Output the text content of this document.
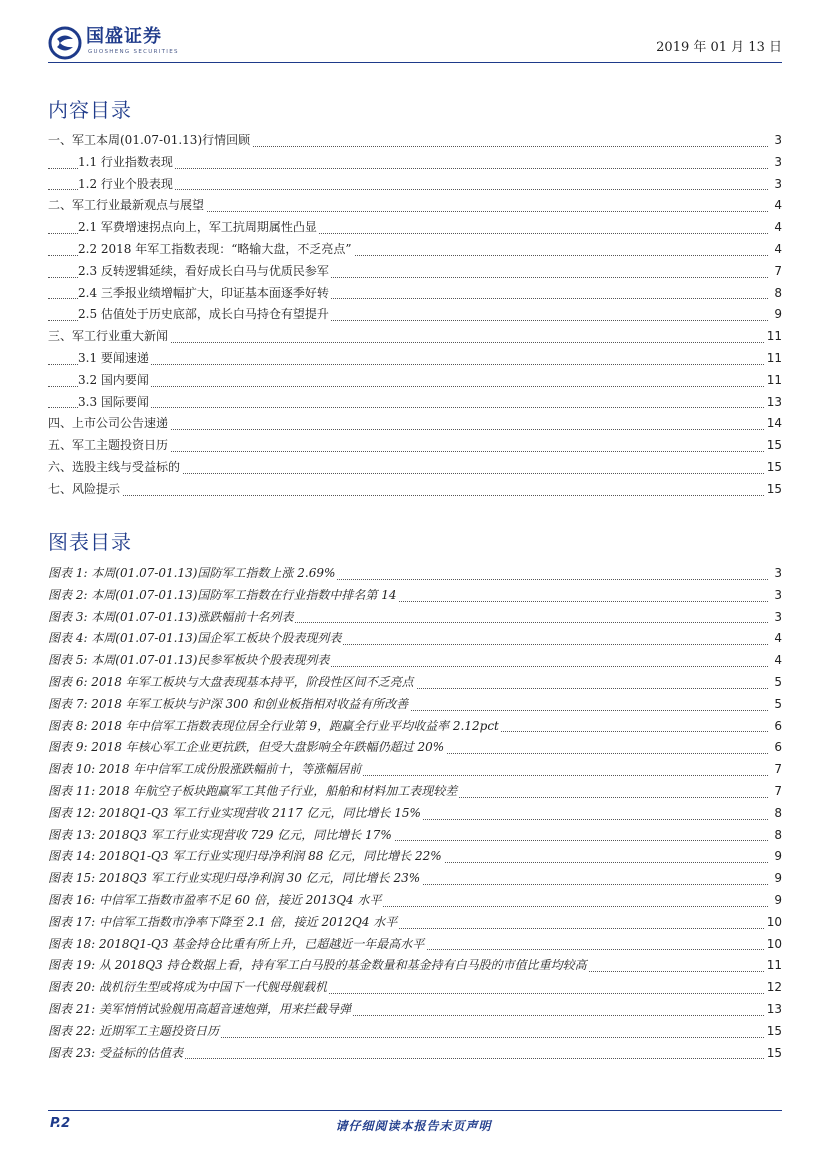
国盛证券
GUOSHENG SECURITIES	2019 年 01 月 13 日
内容目录
一、军工本周(01.07-01.13)行情回顾	3
1.1 行业指数表现	3
1.2 行业个股表现	3
二、军工行业最新观点与展望	4
2.1 军费增速拐点向上，军工抗周期属性凸显	4
2.2 2018 年军工指数表现：“略输大盘，不乏亮点”	4
2.3 反转逻辑延续，看好成长白马与优质民参军	7
2.4 三季报业绩增幅扩大，印证基本面逐季好转	8
2.5 估值处于历史底部，成长白马持仓有望提升	9
三、军工行业重大新闻	11
3.1 要闻速递	11
3.2 国内要闻	11
3.3 国际要闻	13
四、上市公司公告速递	14
五、军工主题投资日历	15
六、选股主线与受益标的	15
七、风险提示	15
图表目录
图表 1: 本周(01.07-01.13)国防军工指数上涨 2.69%	3
图表 2: 本周(01.07-01.13)国防军工指数在行业指数中排名第 14	3
图表 3: 本周(01.07-01.13)涨跌幅前十名列表	3
图表 4: 本周(01.07-01.13)国企军工板块个股表现列表	4
图表 5: 本周(01.07-01.13)民参军板块个股表现列表	4
图表 6: 2018 年军工板块与大盘表现基本持平，阶段性区间不乏亮点	5
图表 7: 2018 年军工板块与沪深 300 和创业板指相对收益有所改善	5
图表 8: 2018 年中信军工指数表现位居全行业第 9，跑赢全行业平均收益率 2.12pct	6
图表 9: 2018 年核心军工企业更抗跌，但受大盘影响全年跌幅仍超过 20%	6
图表 10: 2018 年中信军工成份股涨跌幅前十，等涨幅居前	7
图表 11: 2018 年航空子板块跑赢军工其他子行业，船舶和材料加工表现较差	7
图表 12: 2018Q1-Q3 军工行业实现营收 2117 亿元，同比增长 15%	8
图表 13: 2018Q3 军工行业实现营收 729 亿元，同比增长 17%	8
图表 14: 2018Q1-Q3 军工行业实现归母净利润 88 亿元，同比增长 22%	9
图表 15: 2018Q3 军工行业实现归母净利润 30 亿元，同比增长 23%	9
图表 16: 中信军工指数市盈率不足 60 倍，接近 2013Q4 水平	9
图表 17: 中信军工指数市净率下降至 2.1 倍，接近 2012Q4 水平	10
图表 18: 2018Q1-Q3 基金持仓比重有所上升，已超越近一年最高水平	10
图表 19: 从 2018Q3 持仓数据上看，持有军工白马股的基金数量和基金持有白马股的市值比重均较高	11
图表 20: 战机衍生型或将成为中国下一代舰母舰载机	12
图表 21: 美军悄悄试验舰用高超音速炮弹，用来拦截导弹	13
图表 22: 近期军工主题投资日历	15
图表 23: 受益标的估值表	15
P.2	请仔细阅读本报告末页声明
